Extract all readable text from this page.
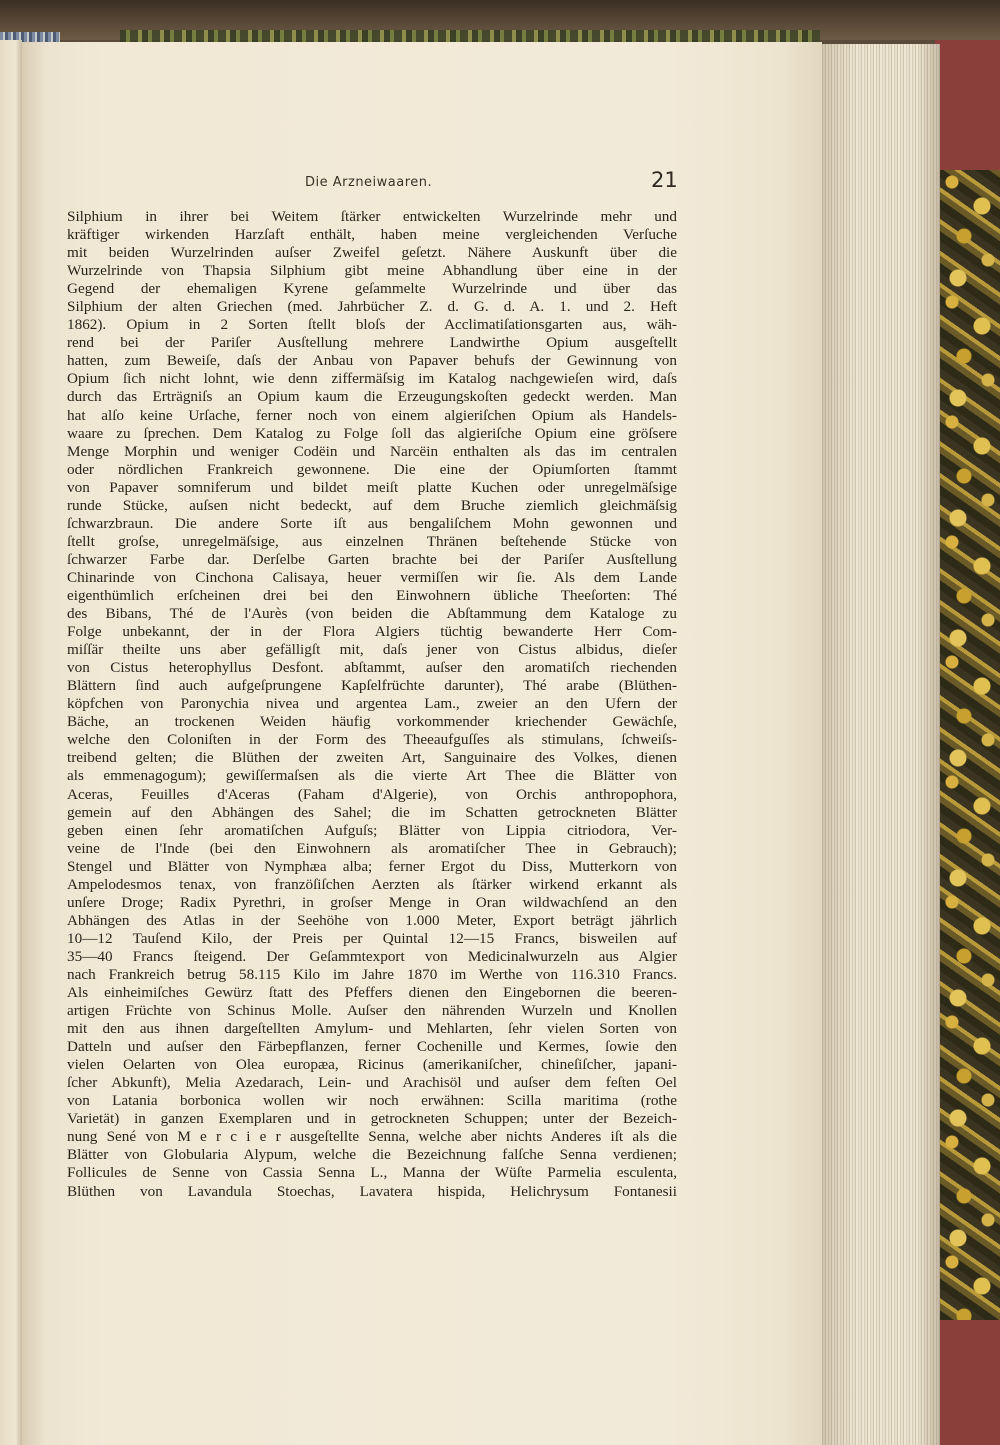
Die Arzneiwaaren.	21
Silphium in ihrer bei Weitem ſtärker entwickelten Wurzelrinde mehr und
kräftiger wirkenden Harzſaft enthält, haben meine vergleichenden Verſuche
mit beiden Wurzelrinden auſser Zweifel geſetzt. Nähere Auskunft über die
Wurzelrinde von Thapsia Silphium gibt meine Abhandlung über eine in der
Gegend der ehemaligen Kyrene geſammelte Wurzelrinde und über das
Silphium der alten Griechen (med. Jahrbücher Z. d. G. d. A. 1. und 2. Heft
1862). Opium in 2 Sorten ſtellt bloſs der Acclimatiſationsgarten aus, wäh-
rend bei der Pariſer Ausſtellung mehrere Landwirthe Opium ausgeſtellt
hatten, zum Beweiſe, daſs der Anbau von Papaver behufs der Gewinnung von
Opium ſich nicht lohnt, wie denn ziffermäſsig im Katalog nachgewieſen wird, daſs
durch das Erträgniſs an Opium kaum die Erzeugungskoſten gedeckt werden. Man
hat alſo keine Urſache, ferner noch von einem algieriſchen Opium als Handels-
waare zu ſprechen. Dem Katalog zu Folge ſoll das algieriſche Opium eine gröſsere
Menge Morphin und weniger Codëin und Narcëin enthalten als das im centralen
oder nördlichen Frankreich gewonnene. Die eine der Opiumſorten ſtammt
von Papaver somniferum und bildet meiſt platte Kuchen oder unregelmäſsige
runde Stücke, auſsen nicht bedeckt, auf dem Bruche ziemlich gleichmäſsig
ſchwarzbraun. Die andere Sorte iſt aus bengaliſchem Mohn gewonnen und
ſtellt groſse, unregelmäſsige, aus einzelnen Thränen beſtehende Stücke von
ſchwarzer Farbe dar. Derſelbe Garten brachte bei der Pariſer Ausſtellung
Chinarinde von Cinchona Calisaya, heuer vermiſſen wir ſie. Als dem Lande
eigenthümlich erſcheinen drei bei den Einwohnern übliche Theeſorten: Thé
des Bibans, Thé de l'Aurès (von beiden die Abſtammung dem Kataloge zu
Folge unbekannt, der in der Flora Algiers tüchtig bewanderte Herr Com-
miſſär theilte uns aber gefälligſt mit, daſs jener von Cistus albidus, dieſer
von Cistus heterophyllus Desfont. abſtammt, auſser den aromatiſch riechenden
Blättern ſind auch aufgeſprungene Kapſelfrüchte darunter), Thé arabe (Blüthen-
köpfchen von Paronychia nivea und argentea Lam., zweier an den Ufern der
Bäche, an trockenen Weiden häufig vorkommender kriechender Gewächſe,
welche den Coloniſten in der Form des Theeaufguſſes als stimulans, ſchweiſs-
treibend gelten; die Blüthen der zweiten Art, Sanguinaire des Volkes, dienen
als emmenagogum); gewiſſermaſsen als die vierte Art Thee die Blätter von
Aceras, Feuilles d'Aceras (Faham d'Algerie), von Orchis anthropophora,
gemein auf den Abhängen des Sahel; die im Schatten getrockneten Blätter
geben einen ſehr aromatiſchen Aufguſs; Blätter von Lippia citriodora, Ver-
veine de l'Inde (bei den Einwohnern als aromatiſcher Thee in Gebrauch);
Stengel und Blätter von Nymphæa alba; ferner Ergot du Diss, Mutterkorn von
Ampelodesmos tenax, von franzöſiſchen Aerzten als ſtärker wirkend erkannt als
unſere Droge; Radix Pyrethri, in groſser Menge in Oran wildwachſend an den
Abhängen des Atlas in der Seehöhe von 1.000 Meter, Export beträgt jährlich
10—12 Tauſend Kilo, der Preis per Quintal 12—15 Francs, bisweilen auf
35—40 Francs ſteigend. Der Geſammtexport von Medicinalwurzeln aus Algier
nach Frankreich betrug 58.115 Kilo im Jahre 1870 im Werthe von 116.310 Francs.
Als einheimiſches Gewürz ſtatt des Pfeffers dienen den Eingebornen die beeren-
artigen Früchte von Schinus Molle. Auſser den nährenden Wurzeln und Knollen
mit den aus ihnen dargeſtellten Amylum- und Mehlarten, ſehr vielen Sorten von
Datteln und auſser den Färbepflanzen, ferner Cochenille und Kermes, ſowie den
vielen Oelarten von Olea europæa, Ricinus (amerikaniſcher, chineſiſcher, japani-
ſcher Abkunft), Melia Azedarach, Lein- und Arachisöl und auſser dem feſten Oel
von Latania borbonica wollen wir noch erwähnen: Scilla maritima (rothe
Varietät) in ganzen Exemplaren und in getrockneten Schuppen; unter der Bezeich-
nung Sené von M e r c i e r ausgeſtellte Senna, welche aber nichts Anderes iſt als die
Blätter von Globularia Alypum, welche die Bezeichnung falſche Senna verdienen;
Follicules de Senne von Cassia Senna L., Manna der Wüſte Parmelia esculenta,
Blüthen von Lavandula Stoechas, Lavatera hispida, Helichrysum Fontanesii
